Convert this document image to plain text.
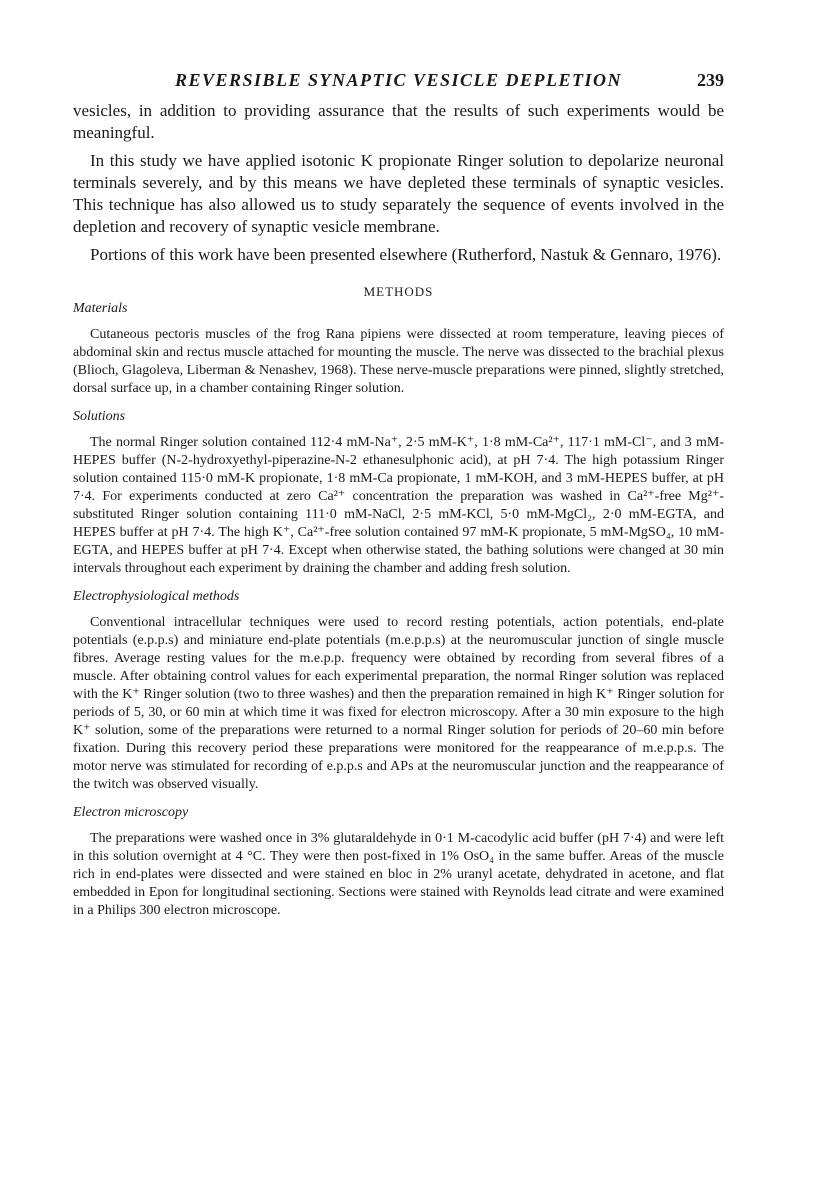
REVERSIBLE SYNAPTIC VESICLE DEPLETION	239

vesicles, in addition to providing assurance that the results of such experiments would be meaningful.

In this study we have applied isotonic K propionate Ringer solution to depolarize neuronal terminals severely, and by this means we have depleted these terminals of synaptic vesicles. This technique has also allowed us to study separately the sequence of events involved in the depletion and recovery of synaptic vesicle membrane.

Portions of this work have been presented elsewhere (Rutherford, Nastuk & Gennaro, 1976).

METHODS
Materials

Cutaneous pectoris muscles of the frog Rana pipiens were dissected at room temperature, leaving pieces of abdominal skin and rectus muscle attached for mounting the muscle. The nerve was dissected to the brachial plexus (Blioch, Glagoleva, Liberman & Nenashev, 1968). These nerve-muscle preparations were pinned, slightly stretched, dorsal surface up, in a chamber containing Ringer solution.

Solutions

The normal Ringer solution contained 112·4 mM-Na⁺, 2·5 mM-K⁺, 1·8 mM-Ca²⁺, 117·1 mM-Cl⁻, and 3 mM-HEPES buffer (N-2-hydroxyethyl-piperazine-N-2 ethanesulphonic acid), at pH 7·4. The high potassium Ringer solution contained 115·0 mM-K propionate, 1·8 mM-Ca propionate, 1 mM-KOH, and 3 mM-HEPES buffer, at pH 7·4. For experiments conducted at zero Ca²⁺ concentration the preparation was washed in Ca²⁺-free Mg²⁺-substituted Ringer solution containing 111·0 mM-NaCl, 2·5 mM-KCl, 5·0 mM-MgCl₂, 2·0 mM-EGTA, and HEPES buffer at pH 7·4. The high K⁺, Ca²⁺-free solution contained 97 mM-K propionate, 5 mM-MgSO₄, 10 mM-EGTA, and HEPES buffer at pH 7·4. Except when otherwise stated, the bathing solutions were changed at 30 min intervals throughout each experiment by draining the chamber and adding fresh solution.

Electrophysiological methods

Conventional intracellular techniques were used to record resting potentials, action potentials, end-plate potentials (e.p.p.s) and miniature end-plate potentials (m.e.p.p.s) at the neuromuscular junction of single muscle fibres. Average resting values for the m.e.p.p. frequency were obtained by recording from several fibres of a muscle. After obtaining control values for each experimental preparation, the normal Ringer solution was replaced with the K⁺ Ringer solution (two to three washes) and then the preparation remained in high K⁺ Ringer solution for periods of 5, 30, or 60 min at which time it was fixed for electron microscopy. After a 30 min exposure to the high K⁺ solution, some of the preparations were returned to a normal Ringer solution for periods of 20–60 min before fixation. During this recovery period these preparations were monitored for the reappearance of m.e.p.p.s. The motor nerve was stimulated for recording of e.p.p.s and APs at the neuromuscular junction and the reappearance of the twitch was observed visually.

Electron microscopy

The preparations were washed once in 3% glutaraldehyde in 0·1 M-cacodylic acid buffer (pH 7·4) and were left in this solution overnight at 4 °C. They were then post-fixed in 1% OsO₄ in the same buffer. Areas of the muscle rich in end-plates were dissected and were stained en bloc in 2% uranyl acetate, dehydrated in acetone, and flat embedded in Epon for longitudinal sectioning. Sections were stained with Reynolds lead citrate and were examined in a Philips 300 electron microscope.
